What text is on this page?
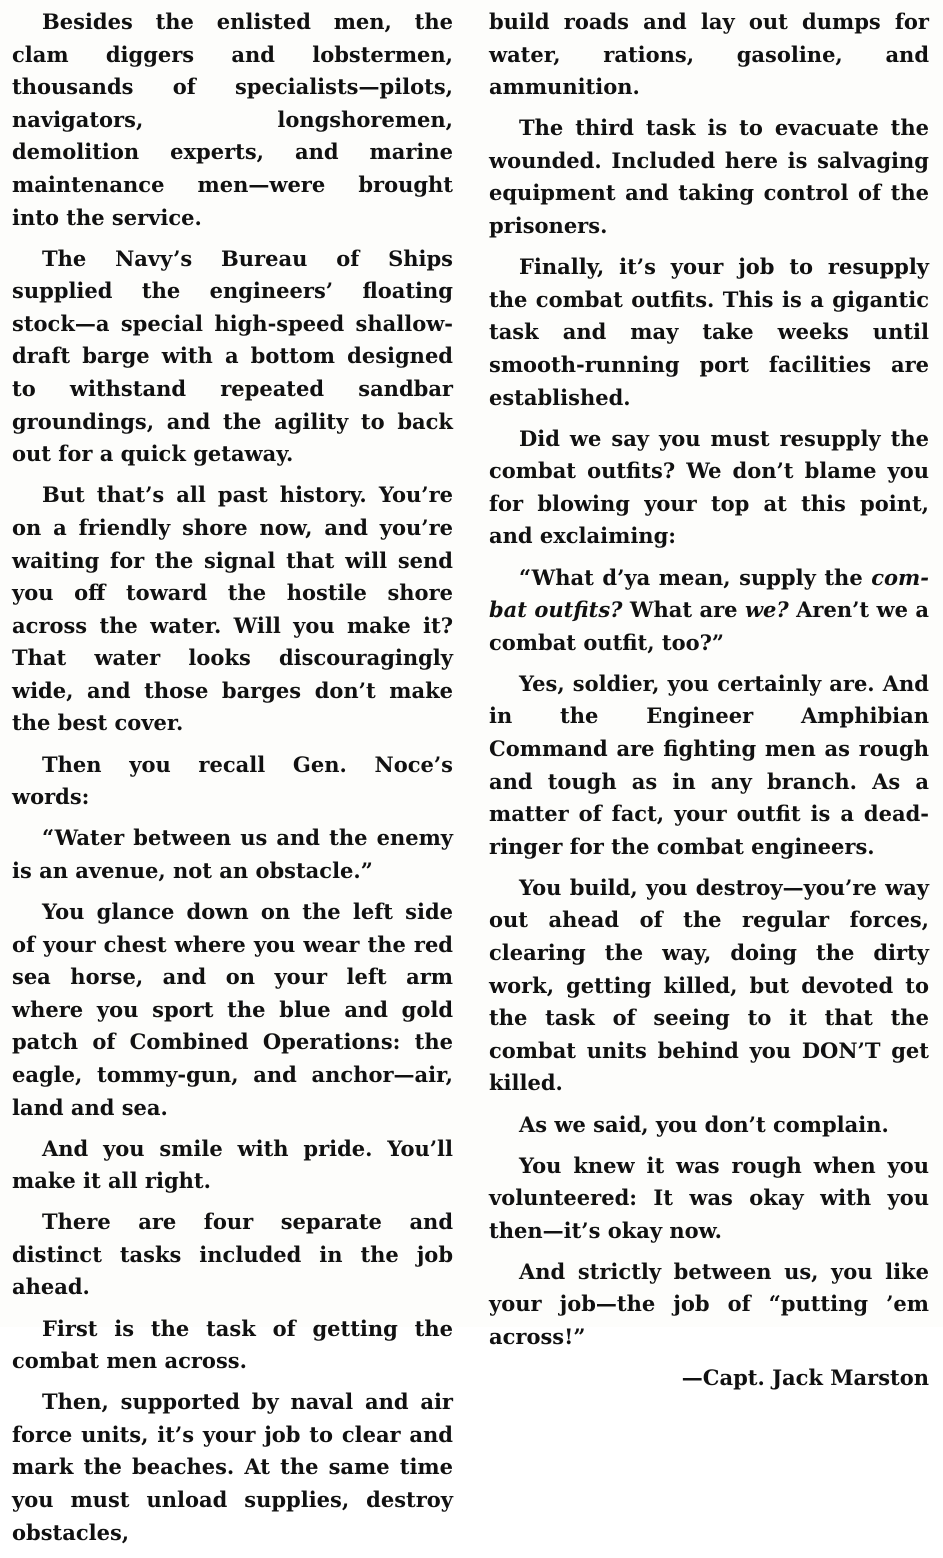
Besides the enlisted men, the clam diggers and lobstermen, thousands of specialists—pilots, navigators, longshoremen, demolition experts, and marine maintenance men—were brought into the service.

The Navy’s Bureau of Ships supplied the engineers’ floating stock—a special high-speed shallow-draft barge with a bottom designed to withstand repeated sandbar groundings, and the agility to back out for a quick getaway.

But that’s all past history. You’re on a friendly shore now, and you’re waiting for the signal that will send you off toward the hostile shore across the water. Will you make it? That water looks discouragingly wide, and those barges don’t make the best cover.

Then you recall Gen. Noce’s words:

“Water between us and the enemy is an avenue, not an obstacle.”

You glance down on the left side of your chest where you wear the red sea horse, and on your left arm where you sport the blue and gold patch of Combined Operations: the eagle, tommy-gun, and anchor—air, land and sea.

And you smile with pride. You’ll make it all right.

There are four separate and distinct tasks included in the job ahead.

First is the task of getting the combat men across.

Then, supported by naval and air force units, it’s your job to clear and mark the beaches. At the same time you must unload supplies, destroy obstacles,

build roads and lay out dumps for water, rations, gasoline, and ammunition.

The third task is to evacuate the wounded. Included here is salvaging equipment and taking control of the prisoners.

Finally, it’s your job to resupply the combat outfits. This is a gigantic task and may take weeks until smooth-running port facilities are established.

Did we say you must resupply the combat outfits? We don’t blame you for blowing your top at this point, and exclaiming:

“What d’ya mean, supply the combat outfits? What are we? Aren’t we a combat outfit, too?”

Yes, soldier, you certainly are. And in the Engineer Amphibian Command are fighting men as rough and tough as in any branch. As a matter of fact, your outfit is a dead-ringer for the combat engineers.

You build, you destroy—you’re way out ahead of the regular forces, clearing the way, doing the dirty work, getting killed, but devoted to the task of seeing to it that the combat units behind you DON’T get killed.

As we said, you don’t complain.

You knew it was rough when you volunteered: It was okay with you then—it’s okay now.

And strictly between us, you like your job—the job of “putting ’em across!”

—Capt. Jack Marston
